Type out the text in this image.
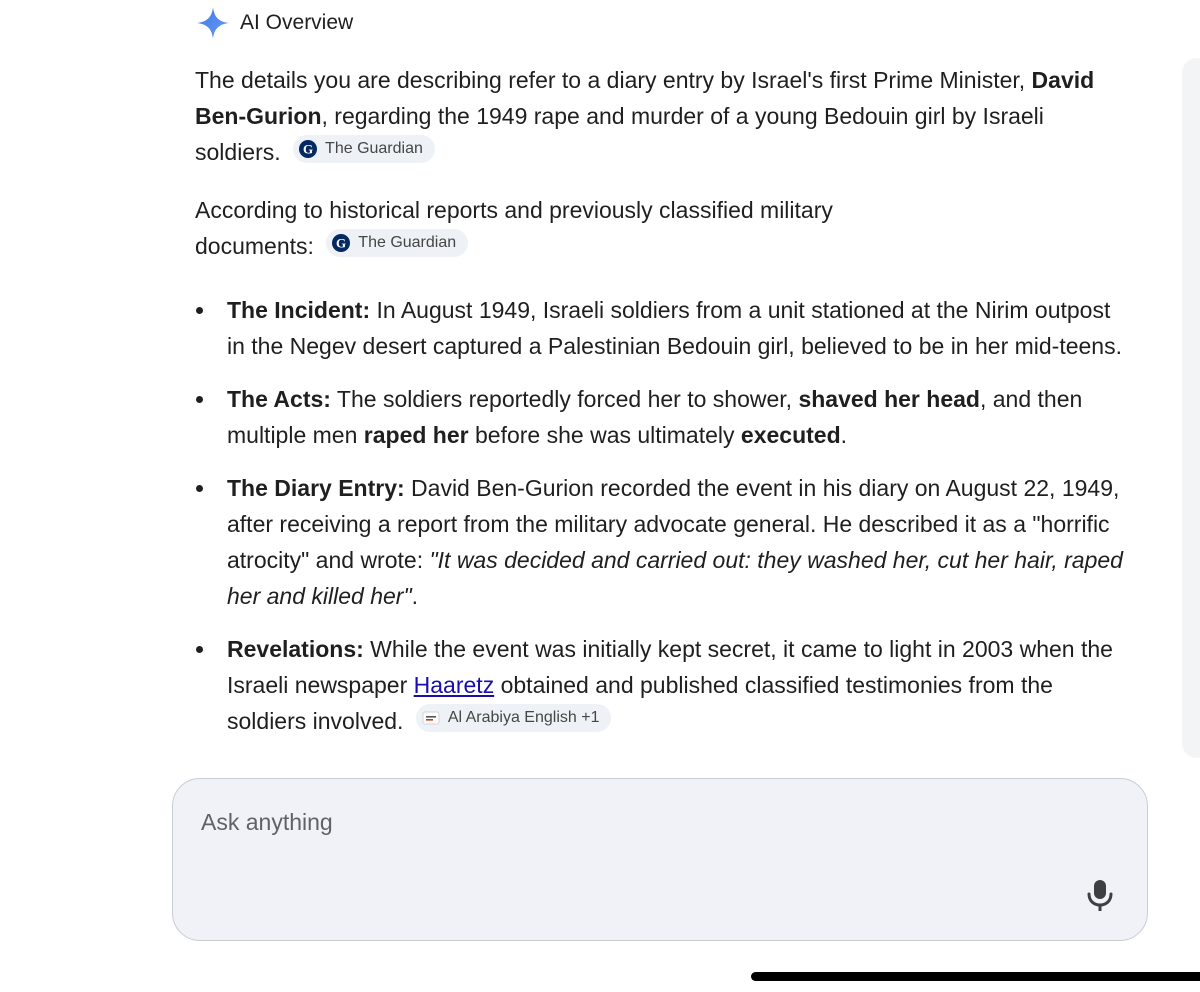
AI Overview

The details you are describing refer to a diary entry by Israel's first Prime Minister, David Ben-Gurion, regarding the 1949 rape and murder of a young Bedouin girl by Israeli soldiers. G The Guardian

According to historical reports and previously classified military documents: G The Guardian

The Incident: In August 1949, Israeli soldiers from a unit stationed at the Nirim outpost in the Negev desert captured a Palestinian Bedouin girl, believed to be in her mid-teens.
The Acts: The soldiers reportedly forced her to shower, shaved her head, and then multiple men raped her before she was ultimately executed.
The Diary Entry: David Ben-Gurion recorded the event in his diary on August 22, 1949, after receiving a report from the military advocate general. He described it as a "horrific atrocity" and wrote: "It was decided and carried out: they washed her, cut her hair, raped her and killed her".
Revelations: While the event was initially kept secret, it came to light in 2003 when the Israeli newspaper Haaretz obtained and published classified testimonies from the soldiers involved.	Al Arabiya English +1
Ask anything
